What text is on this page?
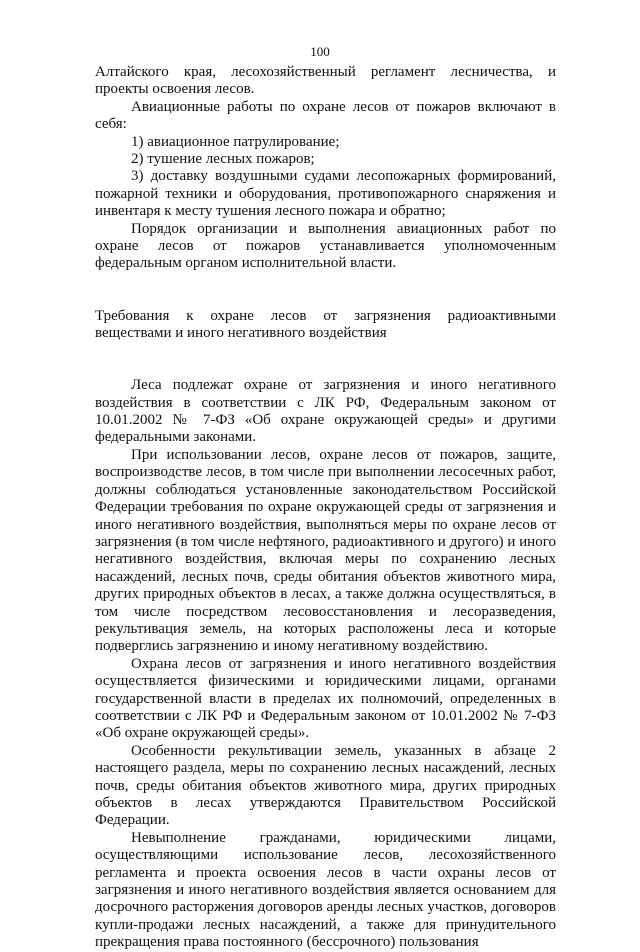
100

Алтайского края, лесохозяйственный регламент лесничества, и проекты освоения лесов.

Авиационные работы по охране лесов от пожаров включают в себя:

1) авиационное патрулирование;

2) тушение лесных пожаров;

3) доставку воздушными судами лесопожарных формирований, пожарной техники и оборудования, противопожарного снаряжения и инвентаря к месту тушения лесного пожара и обратно;

Порядок организации и выполнения авиационных работ по охране лесов от пожаров устанавливается уполномоченным федеральным органом исполнительной власти.

Требования к охране лесов от загрязнения радиоактивными веществами и иного негативного воздействия

Леса подлежат охране от загрязнения и иного негативного воздействия в соответствии с ЛК РФ, Федеральным законом от 10.01.2002 № 7-ФЗ «Об охране окружающей среды» и другими федеральными законами.

При использовании лесов, охране лесов от пожаров, защите, воспроизводстве лесов, в том числе при выполнении лесосечных работ, должны соблюдаться установленные законодательством Российской Федерации требования по охране окружающей среды от загрязнения и иного негативного воздействия, выполняться меры по охране лесов от загрязнения (в том числе нефтяного, радиоактивного и другого) и иного негативного воздействия, включая меры по сохранению лесных насаждений, лесных почв, среды обитания объектов животного мира, других природных объектов в лесах, а также должна осуществляться, в том числе посредством лесовосстановления и лесоразведения, рекультивация земель, на которых расположены леса и которые подверглись загрязнению и иному негативному воздействию.

Охрана лесов от загрязнения и иного негативного воздействия осуществляется физическими и юридическими лицами, органами государственной власти в пределах их полномочий, определенных в соответствии с ЛК РФ и Федеральным законом от 10.01.2002 № 7-ФЗ «Об охране окружающей среды».

Особенности рекультивации земель, указанных в абзаце 2 настоящего раздела, меры по сохранению лесных насаждений, лесных почв, среды обитания объектов животного мира, других природных объектов в лесах утверждаются Правительством Российской Федерации.

Невыполнение гражданами, юридическими лицами, осуществляющими использование лесов, лесохозяйственного регламента и проекта освоения лесов в части охраны лесов от загрязнения и иного негативного воздействия является основанием для досрочного расторжения договоров аренды лесных участков, договоров купли-продажи лесных насаждений, а также для принудительного прекращения права постоянного (бессрочного) пользования
